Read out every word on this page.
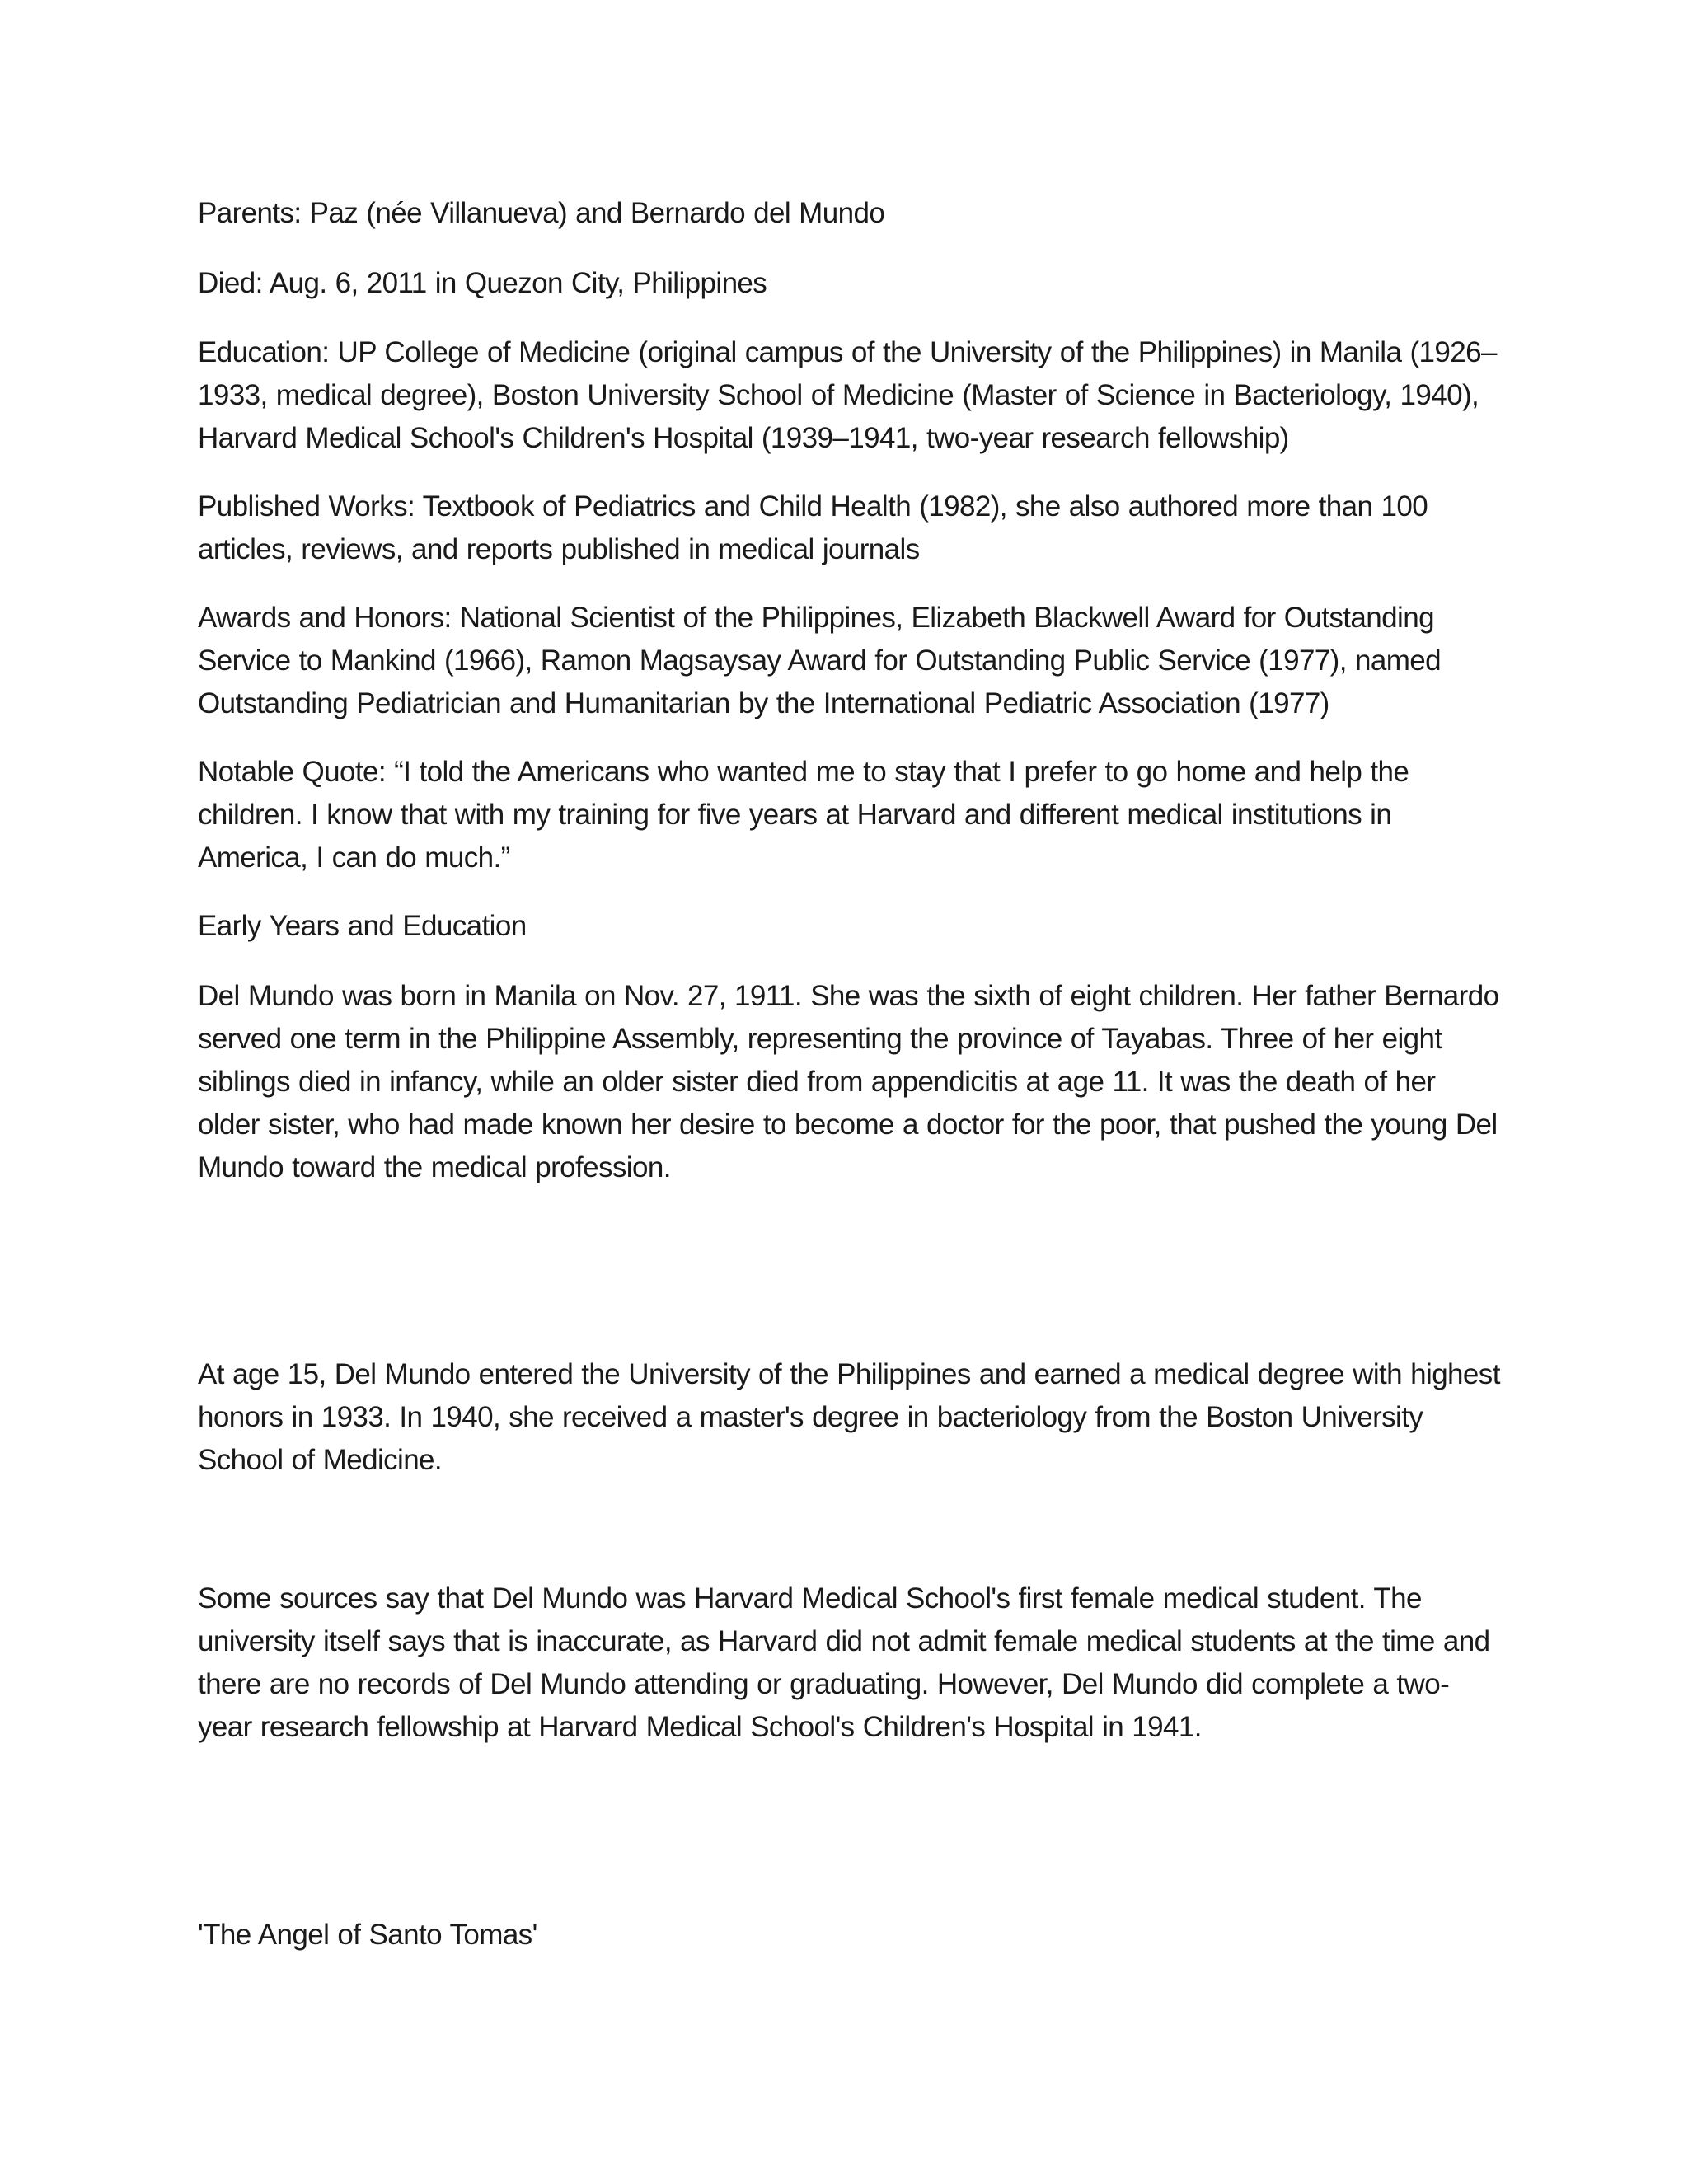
Parents: Paz (née Villanueva) and Bernardo del Mundo

Died: Aug. 6, 2011 in Quezon City, Philippines

Education: UP College of Medicine (original campus of the University of the Philippines) in Manila (1926–1933, medical degree), Boston University School of Medicine (Master of Science in Bacteriology, 1940), Harvard Medical School's Children's Hospital (1939–1941, two-year research fellowship)

Published Works: Textbook of Pediatrics and Child Health (1982), she also authored more than 100 articles, reviews, and reports published in medical journals

Awards and Honors: National Scientist of the Philippines, Elizabeth Blackwell Award for Outstanding Service to Mankind (1966), Ramon Magsaysay Award for Outstanding Public Service (1977), named Outstanding Pediatrician and Humanitarian by the International Pediatric Association (1977)

Notable Quote: “I told the Americans who wanted me to stay that I prefer to go home and help the children. I know that with my training for five years at Harvard and different medical institutions in America, I can do much.”

Early Years and Education

Del Mundo was born in Manila on Nov. 27, 1911. She was the sixth of eight children. Her father Bernardo served one term in the Philippine Assembly, representing the province of Tayabas. Three of her eight siblings died in infancy, while an older sister died from appendicitis at age 11. It was the death of her older sister, who had made known her desire to become a doctor for the poor, that pushed the young Del Mundo toward the medical profession.

At age 15, Del Mundo entered the University of the Philippines and earned a medical degree with highest honors in 1933. In 1940, she received a master's degree in bacteriology from the Boston University School of Medicine.

Some sources say that Del Mundo was Harvard Medical School's first female medical student. The university itself says that is inaccurate, as Harvard did not admit female medical students at the time and there are no records of Del Mundo attending or graduating. However, Del Mundo did complete a two-year research fellowship at Harvard Medical School's Children's Hospital in 1941.

'The Angel of Santo Tomas'
